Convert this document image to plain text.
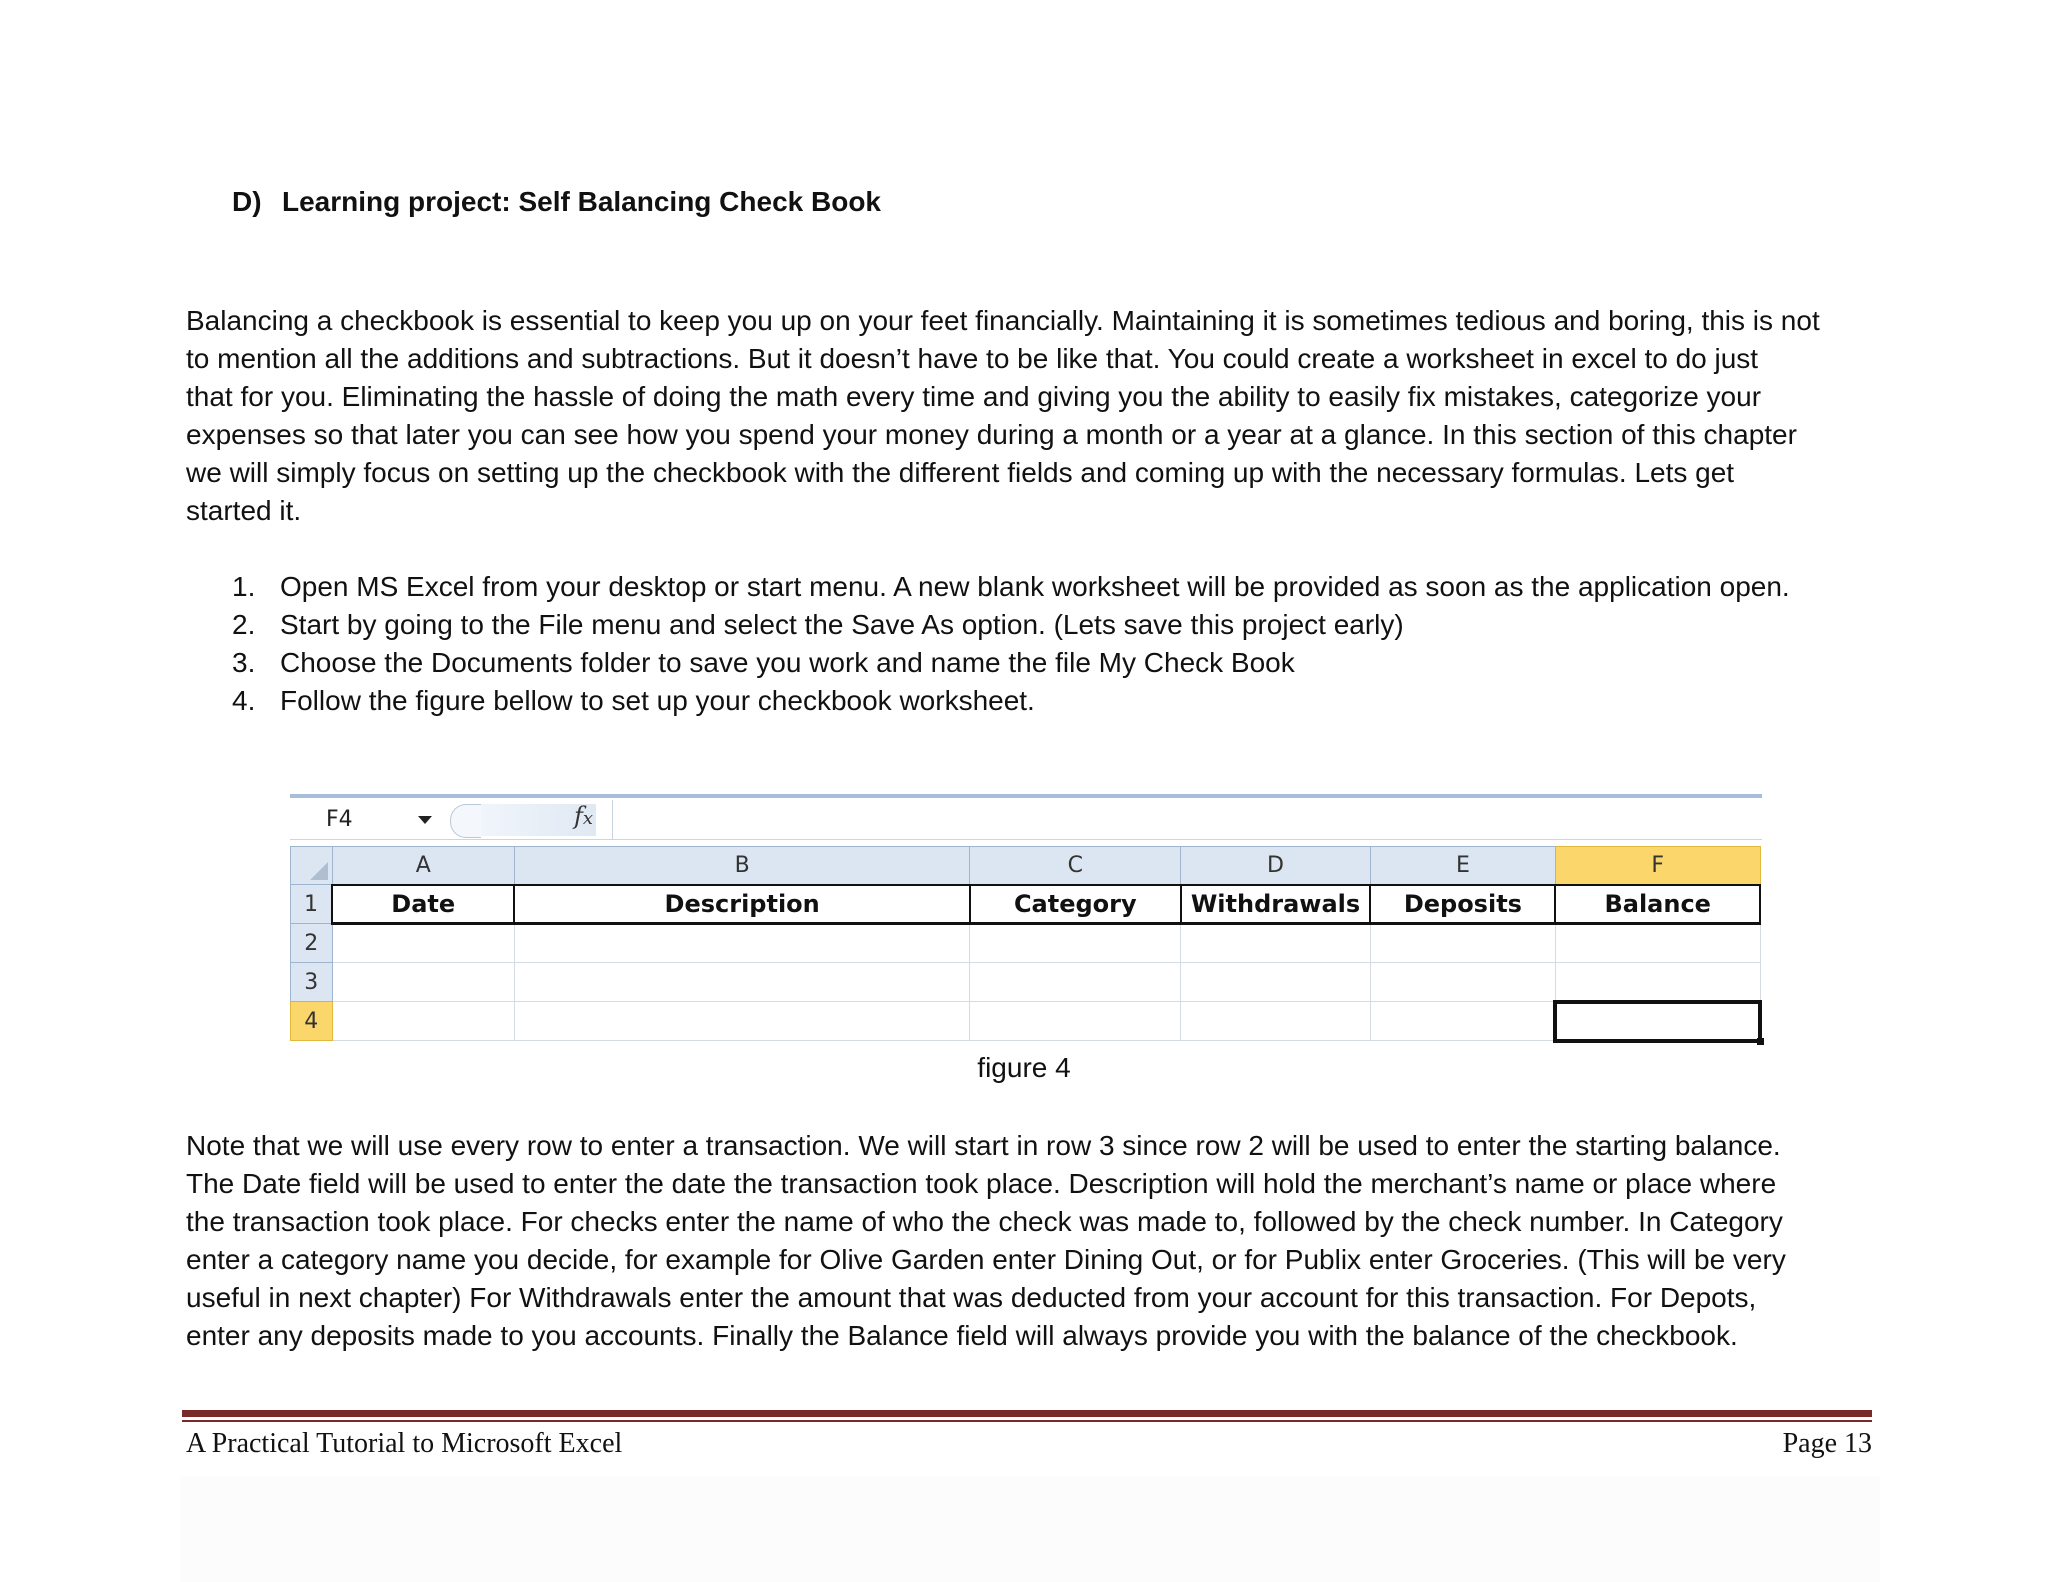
D) Learning project: Self Balancing Check Book
Balancing a checkbook is essential to keep you up on your feet financially. Maintaining it is sometimes tedious and boring, this is not
to mention all the additions and subtractions. But it doesn’t have to be like that. You could create a worksheet in excel to do just
that for you. Eliminating the hassle of doing the math every time and giving you the ability to easily fix mistakes, categorize your
expenses so that later you can see how you spend your money during a month or a year at a glance. In this section of this chapter
we will simply focus on setting up the checkbook with the different fields and coming up with the necessary formulas. Lets get
started it.
1. Open MS Excel from your desktop or start menu. A new blank worksheet will be provided as soon as the application open.
2. Start by going to the File menu and select the Save As option. (Lets save this project early)
3. Choose the Documents folder to save you work and name the file My Check Book
4. Follow the figure bellow to set up your checkbook worksheet.
F4	fx
	A	B	C	D	E	F
1	Date	Description	Category	Withdrawals	Deposits	Balance
2						
3						
4						
figure 4
Note that we will use every row to enter a transaction. We will start in row 3 since row 2 will be used to enter the starting balance.
The Date field will be used to enter the date the transaction took place. Description will hold the merchant’s name or place where
the transaction took place. For checks enter the name of who the check was made to, followed by the check number. In Category
enter a category name you decide, for example for Olive Garden enter Dining Out, or for Publix enter Groceries. (This will be very
useful in next chapter) For Withdrawals enter the amount that was deducted from your account for this transaction. For Depots,
enter any deposits made to you accounts. Finally the Balance field will always provide you with the balance of the checkbook.
A Practical Tutorial to Microsoft Excel	Page 13
